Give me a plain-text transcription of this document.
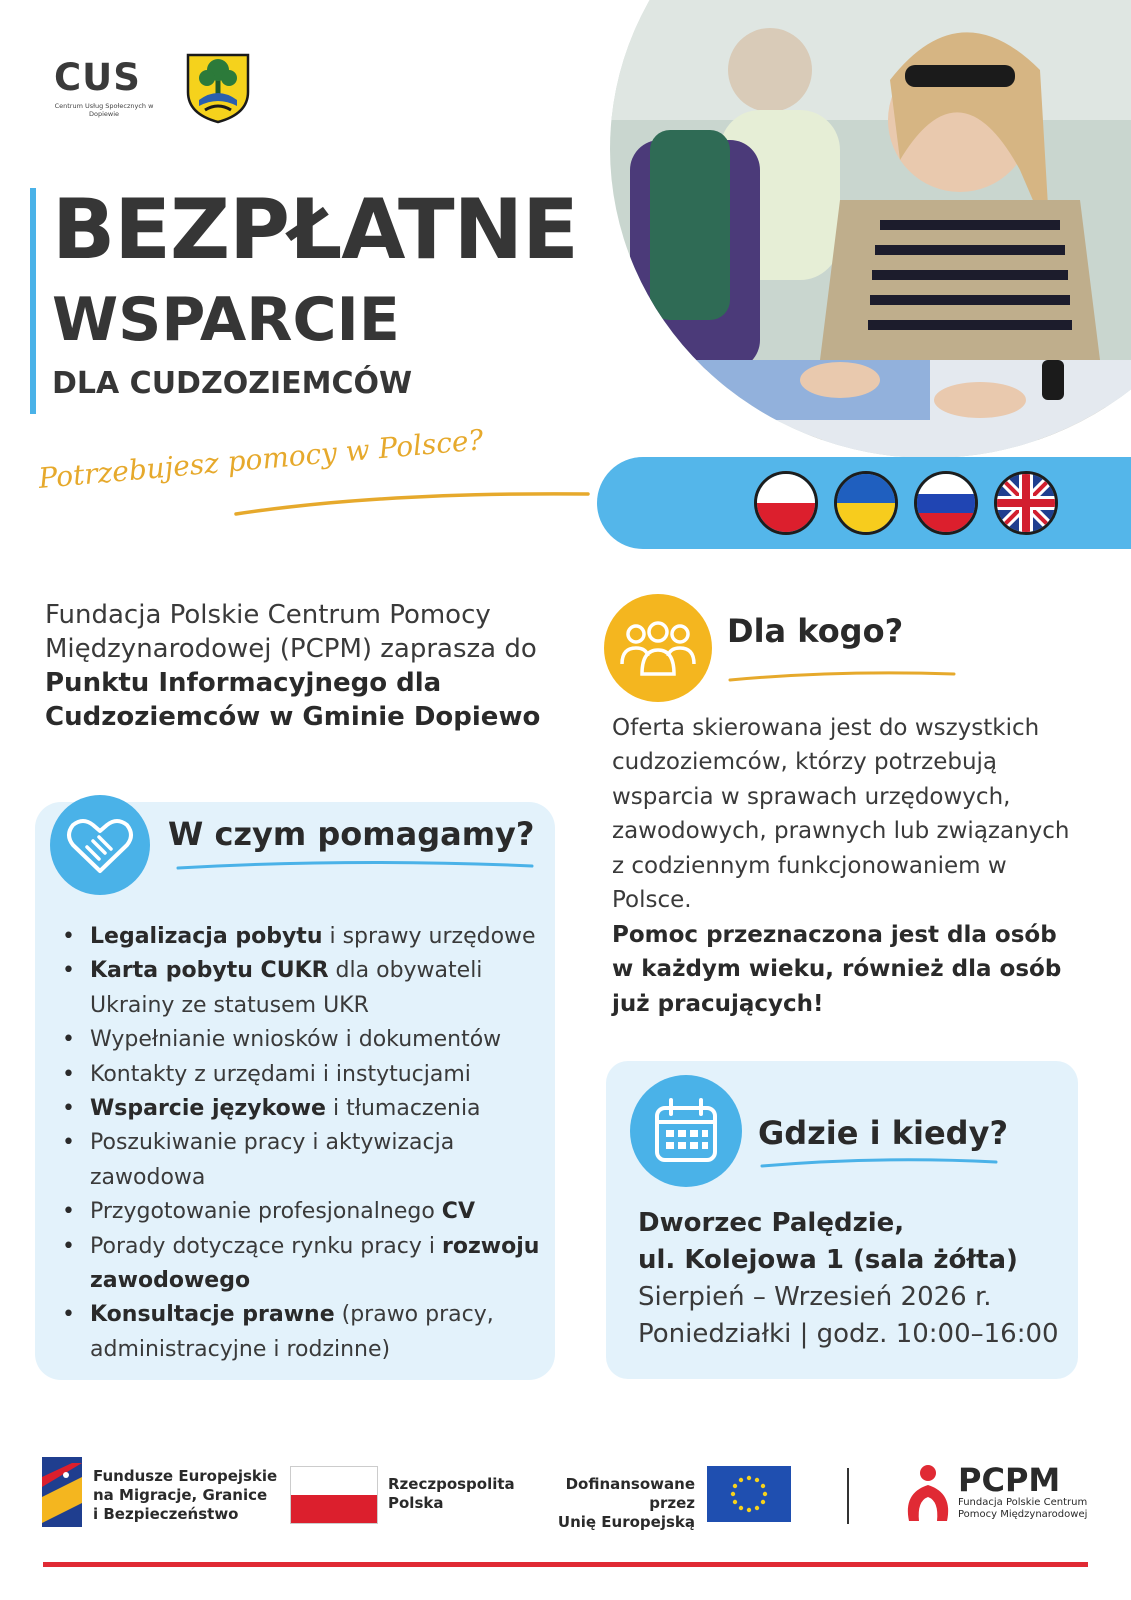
CUS
Centrum Usług Społecznych w Dopiewie
BEZPŁATNE
WSPARCIE
DLA CUDZOZIEMCÓW
Potrzebujesz pomocy w Polsce?
Fundacja Polskie Centrum Pomocy Międzynarodowej (PCPM) zaprasza do Punktu Informacyjnego dla Cudzoziemców w Gminie Dopiewo
W czym pomagamy?
• Legalizacja pobytu i sprawy urzędowe
• Karta pobytu CUKR dla obywateli Ukrainy ze statusem UKR
• Wypełnianie wniosków i dokumentów
• Kontakty z urzędami i instytucjami
• Wsparcie językowe i tłumaczenia
• Poszukiwanie pracy i aktywizacja zawodowa
• Przygotowanie profesjonalnego CV
• Porady dotyczące rynku pracy i rozwoju zawodowego
• Konsultacje prawne (prawo pracy, administracyjne i rodzinne)
Dla kogo?
Oferta skierowana jest do wszystkich cudzoziemców, którzy potrzebują wsparcia w sprawach urzędowych, zawodowych, prawnych lub związanych z codziennym funkcjonowaniem w Polsce.
Pomoc przeznaczona jest dla osób w każdym wieku, również dla osób już pracujących!
Gdzie i kiedy?
Dworzec Palędzie,
ul. Kolejowa 1 (sala żółta)
Sierpień – Wrzesień 2026 r.
Poniedziałki | godz. 10:00–16:00
Fundusze Europejskie
na Migracje, Granice
i Bezpieczeństwo
Rzeczpospolita
Polska
Dofinansowane przez
Unię Europejską
PCPM
Fundacja Polskie Centrum
Pomocy Międzynarodowej
